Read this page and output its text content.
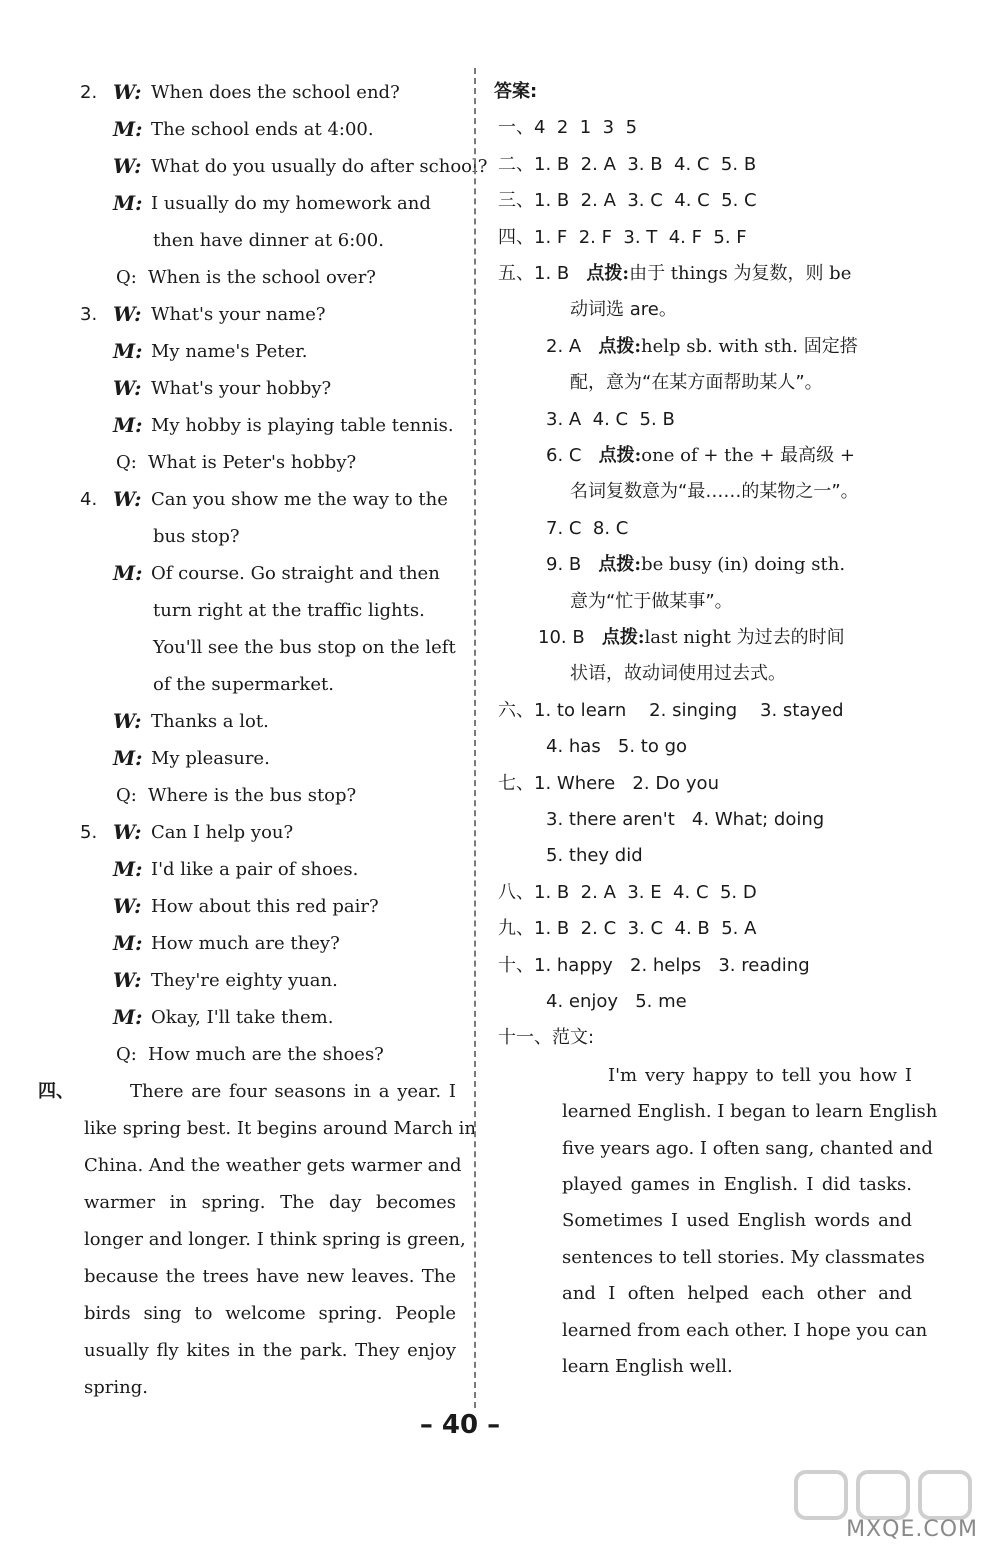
2. W: When does the school end?
M: The school ends at 4:00.
W: What do you usually do after school?
M: I usually do my homework and
then have dinner at 6:00.
Q: When is the school over?
3. W: What's your name?
M: My name's Peter.
W: What's your hobby?
M: My hobby is playing table tennis.
Q: What is Peter's hobby?
4. W: Can you show me the way to the
bus stop?
M: Of course. Go straight and then
turn right at the traffic lights.
You'll see the bus stop on the left
of the supermarket.
W: Thanks a lot.
M: My pleasure.
Q: Where is the bus stop?
5. W: Can I help you?
M: I'd like a pair of shoes.
W: How about this red pair?
M: How much are they?
W: They're eighty yuan.
M: Okay, I'll take them.
Q: How much are the shoes?
四、	There are four seasons in a year. I
like spring best. It begins around March in
China. And the weather gets warmer and
warmer in spring. The day becomes
longer and longer. I think spring is green,
because the trees have new leaves. The
birds sing to welcome spring. People
usually fly kites in the park. They enjoy
spring.
答案:
一、4  2  1  3  5
二、1. B  2. A  3. B  4. C  5. B
三、1. B  2. A  3. C  4. C  5. C
四、1. F  2. F  3. T  4. F  5. F
五、1. B   点拨:由于 things 为复数，则 be
动词选 are。
2. A   点拨:help sb. with sth. 固定搭
配，意为“在某方面帮助某人”。
3. A  4. C  5. B
6. C   点拨:one of + the + 最高级 +
名词复数意为“最……的某物之一”。
7. C  8. C
9. B   点拨:be busy (in) doing sth.
意为“忙于做某事”。
10. B   点拨:last night 为过去的时间
状语，故动词使用过去式。
六、1. to learn    2. singing    3. stayed
4. has   5. to go
七、1. Where   2. Do you
3. there aren't   4. What; doing
5. they did
八、1. B  2. A  3. E  4. C  5. D
九、1. B  2. C  3. C  4. B  5. A
十、1. happy   2. helps   3. reading
4. enjoy   5. me
十一、范文:
I'm very happy to tell you how I
learned English. I began to learn English
five years ago. I often sang, chanted and
played games in English. I did tasks.
Sometimes I used English words and
sentences to tell stories. My classmates
and I often helped each other and
learned from each other. I hope you can
learn English well.
– 40 –
MXQE.COM
